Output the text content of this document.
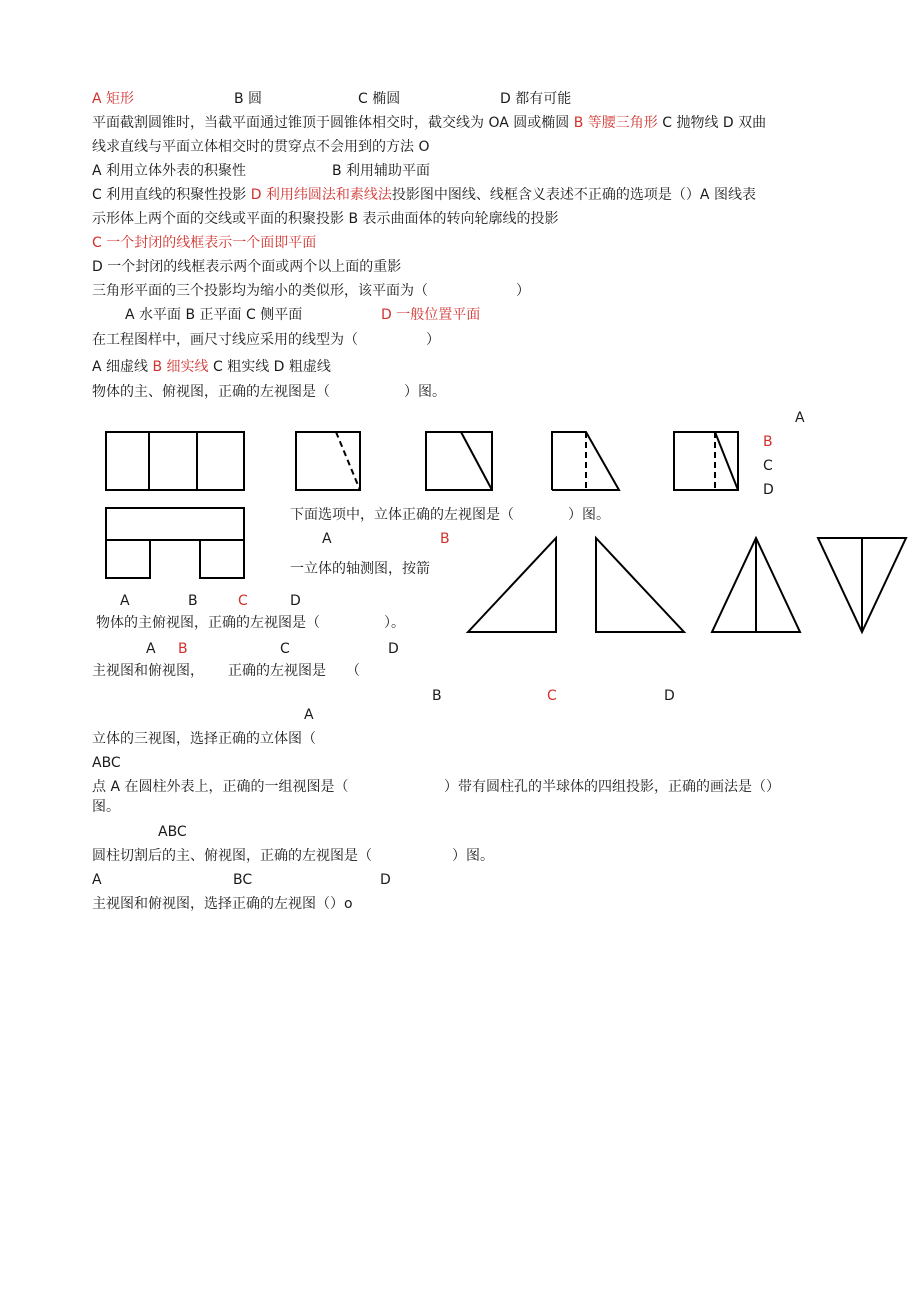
A 矩形	B 圆	C 椭圆	D 都有可能
平面截割圆锥时，当截平面通过锥顶于圆锥体相交时，截交线为 OA 圆或椭圆 B 等腰三角形 C 抛物线 D 双曲
线求直线与平面立体相交时的贯穿点不会用到的方法 O
A 利用立体外表的积聚性	B 利用辅助平面
C 利用直线的积聚性投影 D 利用纬圆法和素线法投影图中图线、线框含义表述不正确的选项是（）A 图线表
示形体上两个面的交线或平面的积聚投影 B 表示曲面体的转向轮廓线的投影
C 一个封闭的线框表示一个面即平面
D 一个封闭的线框表示两个面或两个以上面的重影
三角形平面的三个投影均为缩小的类似形，该平面为（	）
A 水平面 B 正平面 C 侧平面	D 一般位置平面
在工程图样中，画尺寸线应采用的线型为（	）
A 细虚线 B 细实线 C 粗实线 D 粗虚线
物体的主、俯视图，正确的左视图是（	）图。
A
B
C
D
下面选项中，立体正确的左视图是（	）图。
A	B
一立体的轴测图，按箭
A	B	C	D
物体的主俯视图，正确的左视图是（	）。
A B	C	D
主视图和俯视图， 正确的左视图是 （
B	C	D
A
立体的三视图，选择正确的立体图（
ABC
点 A 在圆柱外表上，正确的一组视图是（	）带有圆柱孔的半球体的四组投影，正确的画法是（）
图。
ABC
圆柱切割后的主、俯视图，正确的左视图是（	）图。
A	BC	D
主视图和俯视图，选择正确的左视图（）o
